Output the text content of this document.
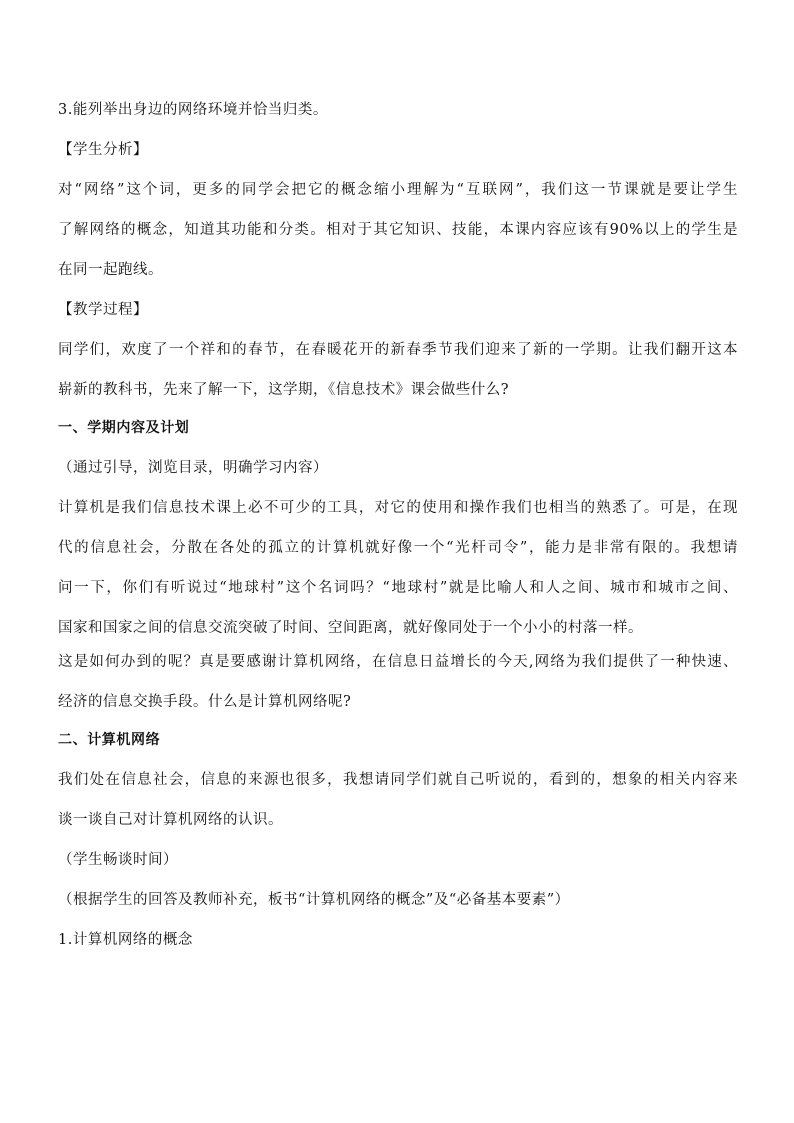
3.能列举出身边的网络环境并恰当归类。
【学生分析】
对“网络”这个词，更多的同学会把它的概念缩小理解为“互联网”，我们这一节课就是要让学生
了解网络的概念，知道其功能和分类。相对于其它知识、技能，本课内容应该有90%以上的学生是
在同一起跑线。
【教学过程】
同学们，欢度了一个祥和的春节，在春暖花开的新春季节我们迎来了新的一学期。让我们翻开这本
崭新的教科书，先来了解一下，这学期，《信息技术》课会做些什么?
一、学期内容及计划
（通过引导，浏览目录，明确学习内容）
计算机是我们信息技术课上必不可少的工具，对它的使用和操作我们也相当的熟悉了。可是，在现
代的信息社会，分散在各处的孤立的计算机就好像一个“光杆司令”，能力是非常有限的。我想请
问一下，你们有听说过“地球村”这个名词吗？“地球村”就是比喻人和人之间、城市和城市之间、
国家和国家之间的信息交流突破了时间、空间距离，就好像同处于一个小小的村落一样。
这是如何办到的呢？真是要感谢计算机网络，在信息日益增长的今天,网络为我们提供了一种快速、
经济的信息交换手段。什么是计算机网络呢?
二、计算机网络
我们处在信息社会，信息的来源也很多，我想请同学们就自己听说的，看到的，想象的相关内容来
谈一谈自己对计算机网络的认识。
（学生畅谈时间）
（根据学生的回答及教师补充，板书“计算机网络的概念”及“必备基本要素”）
1.计算机网络的概念
